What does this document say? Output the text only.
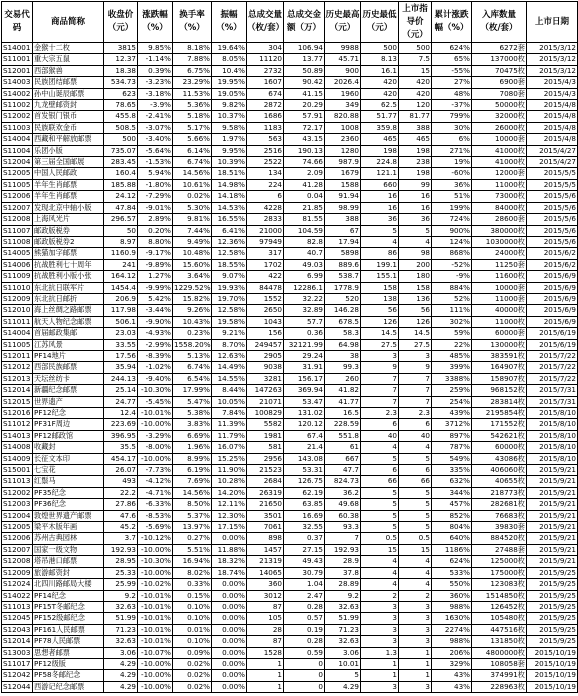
交易代码	商品简称	收盘价（元）	涨跌幅（%）	换手率（%）	振幅（%）	总成交量（枚/套）	总成交金额（万）	历史最高（元）	历史最低（元）	上市指导价（元）	累计涨跌幅（%）	入库数量（枚/套）	上市日期
S14001	金猴十二枚	3815	9.85%	8.18%	19.64%	304	106.94	9988	500	500	624%	6272套	2015/3/12
S11001	重大宗五鼠	12.37	-1.14%	7.88%	8.05%	11120	13.77	45.71	8.13	7.5	65%	137000枚	2015/3/12
S12001	西部猴兽	18.38	0.39%	6.75%	10.4%	2732	50.89	900	16.1	15	-55%	70475枚	2015/3/12
S14003	民族团结邮票	534.73	-3.23%	23.29%	19.95%	1607	90.42	2026.4	420	420	27%	6900套	2015/4/3
S14002	孙中山诞辰邮票	623	-3.18%	11.53%	19.05%	674	41.15	1960	420	420	48%	7080套	2015/4/3
S11002	九龙壁邮资封	78.65	-3.9%	5.36%	9.82%	2872	20.29	349	62.5	120	-37%	50000枚	2015/4/8
S12002	首发银门银币	455.8	-2.41%	5.18%	10.37%	1686	57.91	820.88	51.77	81.77	799%	32000枚	2015/4/8
S11003	民族联欢金币	508.5	-3.07%	5.17%	9.58%	1183	72.17	1008	359.8	388	30%	26000枚	2015/4/8
S14004	西藏和平解放邮票	500	-3.40%	5.66%	1.97%	563	43.15	2360	465	465	6%	10000套	2015/4/8
S11004	乐团小版	735.07	-5.64%	6.14%	9.95%	2516	190.13	1280	198	198	271%	41000枚	2015/4/27
S12004	第三届全国邮展	283.45	-1.53%	6.74%	10.39%	2522	74.66	987.9	224.8	238	19%	41000枚	2015/4/27
S12005	中国人民邮政	160.4	5.94%	14.56%	18.51%	134	2.09	1679	121.1	198	-60%	12000套	2015/5/5
S11005	羊年生肖邮票	185.88	-1.80%	10.61%	14.98%	224	41.28	1588	660	99	36%	11000枚	2015/5/5
S12006	羊年生肖邮票	24.12	-7.29%	0.02%	14.18%	6	0.04	91.94	16	16	51%	73000枚	2015/5/6
S12007	发现北京中轴小版	47.84	-9.01%	5.30%	14.53%	4228	21.85	98.99	16	16	199%	84000枚	2015/5/6
S12008	上海风光片	296.57	2.89%	9.81%	16.55%	2833	81.55	388	36	36	724%	28600套	2015/5/6
S11007	邮政版税券	50	0.20%	7.44%	6.41%	21000	104.59	67	5	5	900%	380000枚	2015/5/6
S11008	邮政版税券2	8.97	8.80%	9.49%	12.36%	97949	82.8	17.94	4	4	124%	1030000枚	2015/5/6
S14005	熊猫加字邮票	1160.9	-9.17%	10.48%	12.58%	317	40.7	5898	86	98	868%	24000枚	2015/6/2
S14006	抗战胜利七十周年	241	-9.89%	15.60%	18.55%	1702	49.03	889.6	199.1	200	-52%	11250套	2015/6/2
S11009	抗战胜利小版小张	164.12	1.27%	3.64%	9.07%	422	6.99	538.7	155.1	180	-9%	11600枚	2015/6/9
S11010	东北抗日联军片	1454.4	-9.99%	1229.52%	19.93%	84478	12286.1	1778.9	158	158	884%	10000套	2015/6/9
S12009	东北抗日邮折	206.9	5.42%	15.82%	19.70%	1552	32.22	520	138	136	52%	11000套	2015/6/9
S12010	海上丝绸之路邮票	117.98	-3.44%	9.26%	12.58%	2650	32.89	146.28	56	56	111%	40000枚	2015/6/9
S11011	航天人物纪念邮票	506.1	-9.90%	10.43%	19.58%	1043	57.7	678.5	126	126	302%	11000枚	2015/6/9
S14004	首届邮政集邮	23.03	-4.93%	0.23%	9.21%	156	0.36	58.3	14.5	14.5	59%	60000套	2015/6/19
S11005	江苏风景	33.55	-2.99%	1558.20%	8.70%	249457	32121.99	64.98	27.5	27.5	22%	130000枚	2015/6/19
S12011	PF14地片	17.56	-8.39%	5.13%	12.63%	2905	29.24	38	3	3	485%	383591枚	2015/7/22
S12012	西部民族邮票	35.94	-1.02%	6.74%	14.49%	9038	31.91	99.3	9	9	399%	164907枚	2015/7/22
S12013	天坛丝纺卡	244.13	-9.40%	6.54%	14.55%	3281	156.17	260	7	7	3388%	158907枚	2015/7/22
S12014	新疆纪念邮票	25.14	-10.30%	17.99%	8.44%	147263	369.94	41.82	7	7	259%	968152枚	2015/7/31
S12015	世界遗产	24.77	-5.45%	5.47%	10.05%	21071	53.47	41.77	7	7	254%	283814枚	2015/7/31
S12016	PF12纪念	12.4	-10.01%	5.38%	7.84%	100829	131.02	16.5	2.3	2.3	439%	2195854枚	2015/8/10
S11012	PF31F周边	223.69	-10.00%	3.83%	11.39%	5582	120.12	228.59	6	6	3712%	171552枚	2015/8/10
S14013	PF12邮政馆	396.95	-3.29%	6.69%	11.79%	1981	67.4	551.8	40	40	897%	542621枚	2015/8/10
S14008	收藏封	35.5	-8.00%	1.96%	16.07%	581	21.4	61	4	4	787%	60000枚	2015/8/10
S14009	长征文本印	454.17	-10.00%	8.99%	15.25%	2956	143.08	667	5	5	549%	43086枚	2015/8/10
S15001	七宝花	26.07	-7.73%	6.19%	11.90%	21523	53.31	47.7	6	6	335%	406060枚	2015/9/21
S11013	红鬃马	493	-4.12%	7.69%	10.28%	2684	126.75	824.73	66	66	632%	40655枚	2015/9/21
S12002	PF35纪念	22.2	-4.71%	14.56%	14.20%	26319	62.19	36.2	5	5	344%	218773枚	2015/9/21
S12003	PF36纪念	27.86	-6.33%	8.50%	12.11%	21650	63.85	49.68	5	5	457%	282681枚	2015/9/21
S12004	敦煌世界遗产邮票	47.6	-8.53%	5.37%	12.30%	3501	16.69	60.38	5	5	852%	76683枚	2015/9/21
S12005	梁平木版年画	45.2	-5.69%	13.97%	17.15%	7061	32.55	93.3	5	5	804%	39830套	2015/9/21
S12006	苏州古典园林	3.7	-10.12%	0.27%	0.00%	898	0.37	7	0.5	0.5	640%	884520枚	2015/9/21
S12007	国家一级文物	192.93	-10.00%	5.51%	11.88%	1457	27.15	192.93	15	15	1186%	27488套	2015/9/21
S12008	塔吊港口邮票	28.95	-10.30%	16.94%	18.32%	21319	49.43	28.9	4	4	624%	125000枚	2015/9/21
S12009	旅游邮资封	25.33	-10.00%	8.02%	18.74%	14065	30.79	37.8	4	4	533%	175000枚	2015/9/25
S12024	北四川路邮局大楼	25.99	-10.02%	0.33%	0.00%	360	1.04	28.89	4	4	550%	123083枚	2015/9/25
S14022	PF14纪念	9.2	-10.01%	0.15%	0.00%	3012	2.47	9.2	2	2	360%	1514850枚	2015/9/25
S11013	PF15T冬邮纪念	32.63	-10.01%	0.10%	0.00%	87	0.28	32.63	3	3	988%	126452枚	2015/9/25
S12045	PF152级邮纪念	51.99	-10.01%	0.10%	0.00%	105	0.57	51.99	3	3	1630%	105480枚	2015/9/25
S12043	PF161人民邮票	71.23	-10.01%	0.01%	0.00%	28	0.19	71.23	3	3	2274%	447516枚	2015/9/25
S12014	PF78人民邮票	32.63	-10.01%	0.10%	0.00%	87	0.28	32.63	3	3	988%	131850枚	2015/9/25
S13003	思想者邮票	3.06	-10.07%	0.09%	0.00%	1528	0.59	3.06	1.3	1	206%	4800000枚	2015/10/19
S11017	PF12级版	4.29	-10.00%	0.02%	0.00%	1	0	10.01	1	1	329%	108058套	2015/10/19
S12042	PF58冬邮纪念	4.29	-10.00%	0.02%	0.00%	1	0	5	1	1	43%	374991枚	2015/10/19
S12044	西游记纪念邮票	4.29	-10.00%	0.02%	0.00%	1	0	4.29	3	3	43%	228963枚	2015/10/19
